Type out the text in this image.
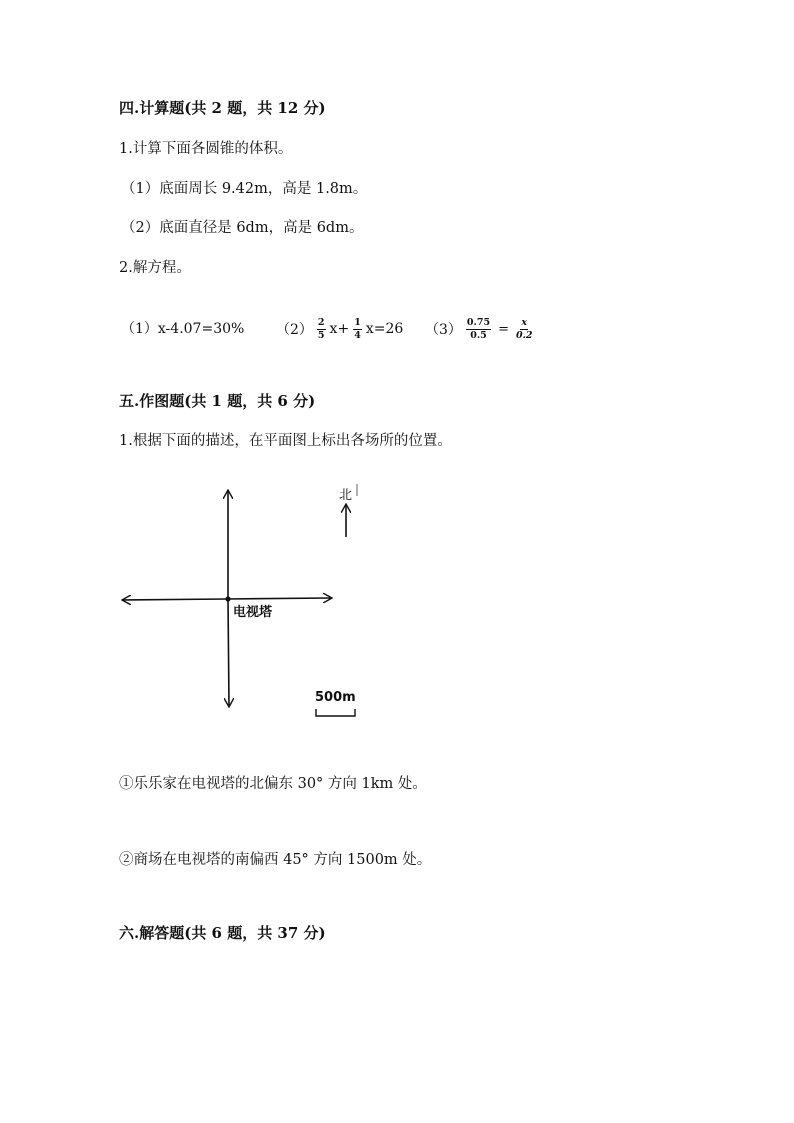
四.计算题(共 2 题，共 12 分)
1.计算下面各圆锥的体积。
（1）底面周长 9.42m，高是 1.8m。
（2）底面直径是 6dm，高是 6dm。
2.解方程。
（1）x-4.07=30% $(2) \frac{2}{5} x+ \frac{1}{4} x=26$ $(3) \frac{0.75}{0.5} = \frac{x}{0.2}$
五.作图题(共 1 题，共 6 分)
1.根据下面的描述，在平面图上标出各场所的位置。
北
电视塔
500m
①乐乐家在电视塔的北偏东 30° 方向 1km 处。
②商场在电视塔的南偏西 45° 方向 1500m 处。
六.解答题(共 6 题，共 37 分)
